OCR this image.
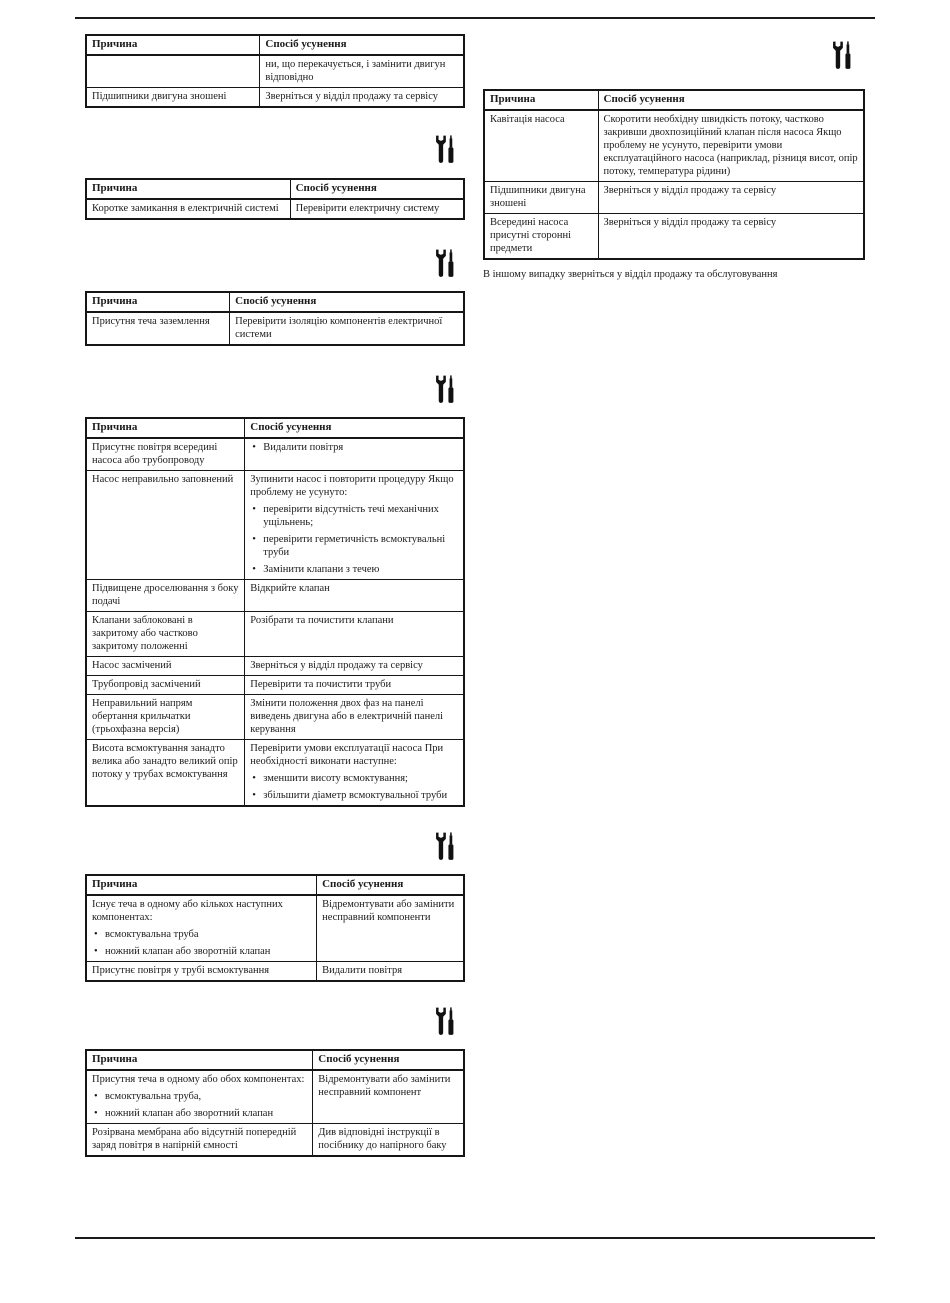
Причина	Спосіб усунення

	ни, що перекачується, і замінити двигун відповідно

Підшипники двигуна зношені	Зверніться у відділ продажу та сервісу
Причина	Спосіб усунення

Коротке замикання в електричній системі	Перевірити електричну систему
Причина	Спосіб усунення

Присутня теча заземлення	Перевірити ізоляцію компонентів електричної системи
Причина	Спосіб усунення

Присутнє повітря всередині насоса або трубопроводу	• Видалити повітря

Насос неправильно заповнений	Зупинити насос і повторити процедуру Якщо проблему не усунуто:
• перевірити відсутність течі механічних ущільнень;
• перевірити герметичність всмоктувальні труби
• Замінити клапани з течею

Підвищене дроселювання з боку подачі	Відкрийте клапан

Клапани заблоковані в закритому або частково закритому положенні	Розібрати та почистити клапани

Насос засмічений	Зверніться у відділ продажу та сервісу

Трубопровід засмічений	Перевірити та почистити труби

Неправильний напрям обертання крильчатки (трьохфазна версія)	Змінити положення двох фаз на панелі виведень двигуна або в електричній панелі керування

Висота всмоктування занадто велика або занадто великий опір потоку у трубах всмоктування	Перевірити умови експлуатації насоса При необхідності виконати наступне:
• зменшити висоту всмоктування;
• збільшити діаметр всмоктувальної труби
Причина	Спосіб усунення

Існує теча в одному або кількох наступних компонентах:
• всмоктувальна труба
• ножний клапан або зворотній клапан	Відремонтувати або замінити несправний компоненти

Присутнє повітря у трубі всмоктування	Видалити повітря
Причина	Спосіб усунення

Присутня теча в одному або обох компонентах:
• всмоктувальна труба,
• ножний клапан або зворотний клапан	Відремонтувати або замінити несправний компонент

Розірвана мембрана або відсутній попередній заряд повітря в напірній ємності	Див відповідні інструкції в посібнику до напірного баку
Причина	Спосіб усунення

Кавітація насоса	Скоротити необхідну швидкість потоку, частково закривши двохпозиційний клапан після насоса Якщо проблему не усунуто, перевірити умови експлуатаційного насоса (наприклад, різниця висот, опір потоку, температура рідини)

Підшипники двигуна зношені	Зверніться у відділ продажу та сервісу

Всередині насоса присутні сторонні предмети	Зверніться у відділ продажу та сервісу

В іншому випадку зверніться у відділ продажу та обслуговування
